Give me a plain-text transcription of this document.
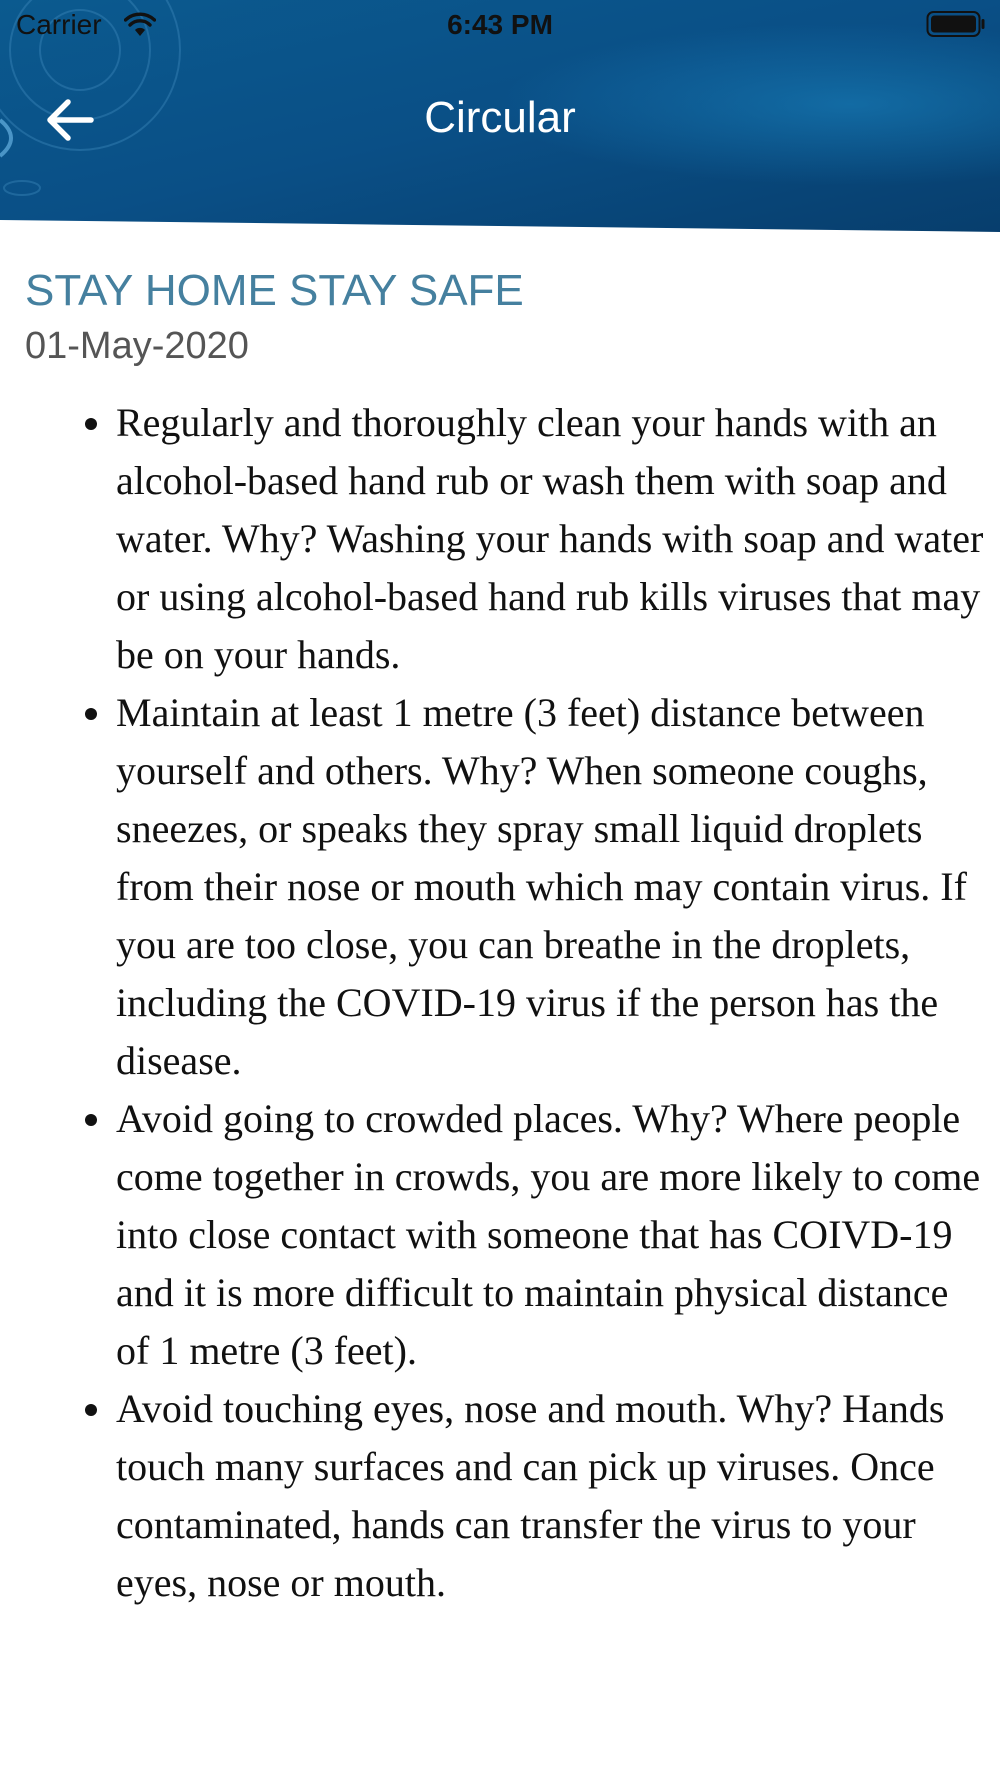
Carrier	6:43 PM
Circular
STAY HOME STAY SAFE
01-May-2020
• Regularly and thoroughly clean your hands with an alcohol-based hand rub or wash them with soap and water. Why? Washing your hands with soap and water or using alcohol-based hand rub kills viruses that may be on your hands.
• Maintain at least 1 metre (3 feet) distance between yourself and others. Why? When someone coughs, sneezes, or speaks they spray small liquid droplets from their nose or mouth which may contain virus. If you are too close, you can breathe in the droplets, including the COVID-19 virus if the person has the disease.
• Avoid going to crowded places. Why? Where people come together in crowds, you are more likely to come into close contact with someone that has COIVD-19 and it is more difficult to maintain physical distance of 1 metre (3 feet).
• Avoid touching eyes, nose and mouth. Why? Hands touch many surfaces and can pick up viruses. Once contaminated, hands can transfer the virus to your eyes, nose or mouth.
